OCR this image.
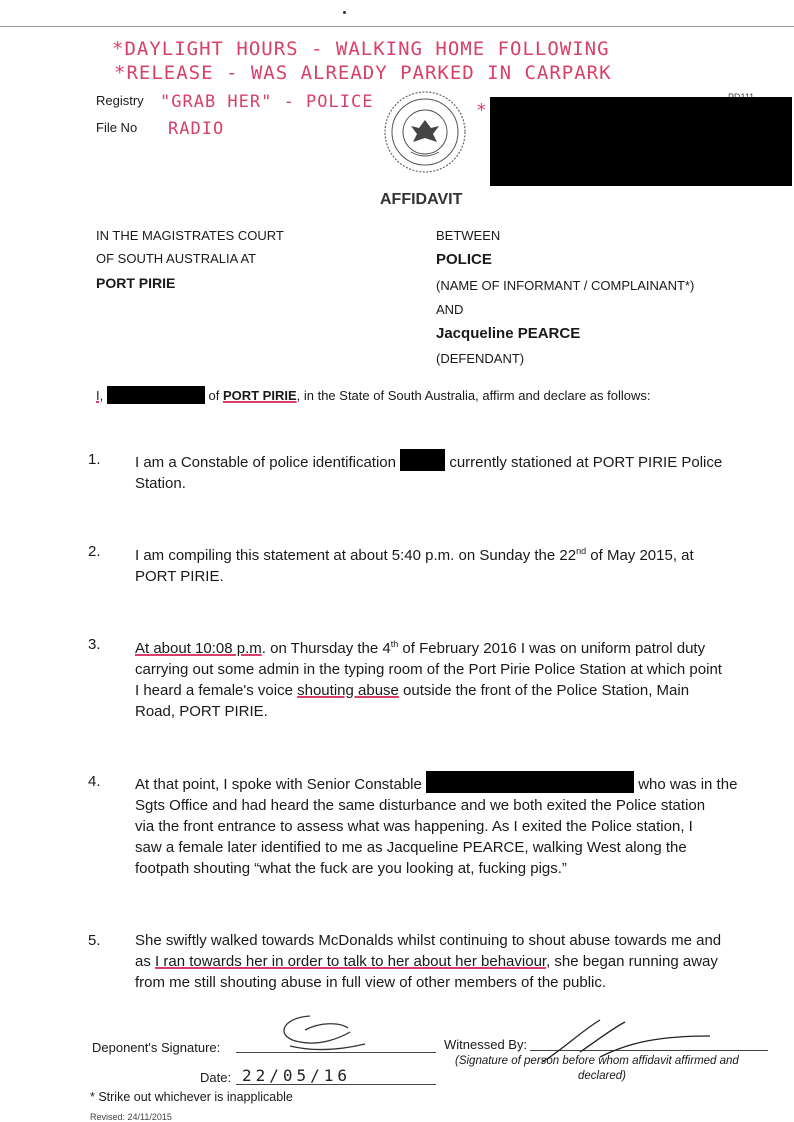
*DAYLIGHT HOURS - WALKING HOME FOLLOWING
*RELEASE - WAS ALREADY PARKED IN CARPARK
"GRAB HER" - POLICE
RADIO
*
Registry
File No
AFFIDAVIT
IN THE MAGISTRATES COURT
OF SOUTH AUSTRALIA AT
PORT PIRIE
BETWEEN
POLICE
(NAME OF INFORMANT / COMPLAINANT*)
AND
Jacqueline PEARCE
(DEFENDANT)
I,	of PORT PIRIE, in the State of South Australia, affirm and declare as follows:
1. I am a Constable of police identification	currently stationed at PORT PIRIE Police
Station.
2. I am compiling this statement at about 5:40 p.m. on Sunday the 22nd of May 2015, at
PORT PIRIE.
3. At about 10:08 p.m. on Thursday the 4th of February 2016 I was on uniform patrol duty
carrying out some admin in the typing room of the Port Pirie Police Station at which point
I heard a female's voice shouting abuse outside the front of the Police Station, Main
Road, PORT PIRIE.
4. At that point, I spoke with Senior Constable	who was in the
Sgts Office and had heard the same disturbance and we both exited the Police station
via the front entrance to assess what was happening. As I exited the Police station, I
saw a female later identified to me as Jacqueline PEARCE, walking West along the
footpath shouting “what the fuck are you looking at, fucking pigs.”
5. She swiftly walked towards McDonalds whilst continuing to shout abuse towards me and
as I ran towards her in order to talk to her about her behaviour, she began running away
from me still shouting abuse in full view of other members of the public.
Deponent's Signature:	Witnessed By:
(Signature of person before whom affidavit affirmed and
declared)
Date: 22/05/16
* Strike out whichever is inapplicable
Revised: 24/11/2015
